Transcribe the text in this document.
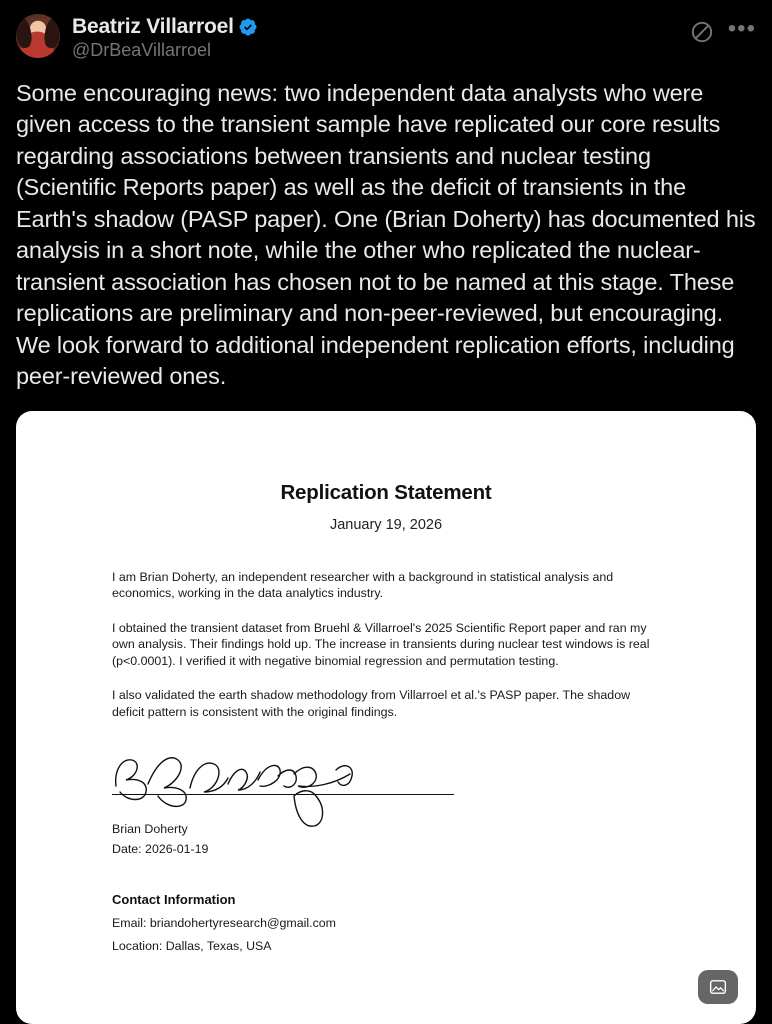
Beatriz Villarroel
@DrBeaVillarroel
•••
Some encouraging news: two independent data analysts who were given access to the transient sample have replicated our core results regarding associations between transients and nuclear testing (Scientific Reports paper) as well as the deficit of transients in the Earth's shadow (PASP paper). One (Brian Doherty) has documented his analysis in a short note, while the other who replicated the nuclear-transient association has chosen not to be named at this stage. These replications are preliminary and non-peer-reviewed, but encouraging. We look forward to additional independent replication efforts, including peer-reviewed ones.
Replication Statement
January 19, 2026
I am Brian Doherty, an independent researcher with a background in statistical analysis and economics, working in the data analytics industry.
I obtained the transient dataset from Bruehl & Villarroel's 2025 Scientific Report paper and ran my own analysis. Their findings hold up. The increase in transients during nuclear test windows is real (p<0.0001). I verified it with negative binomial regression and permutation testing.
I also validated the earth shadow methodology from Villarroel et al.'s PASP paper. The shadow deficit pattern is consistent with the original findings.
Brian Doherty
Date: 2026-01-19
Contact Information
Email: briandohertyresearch@gmail.com
Location: Dallas, Texas, USA
